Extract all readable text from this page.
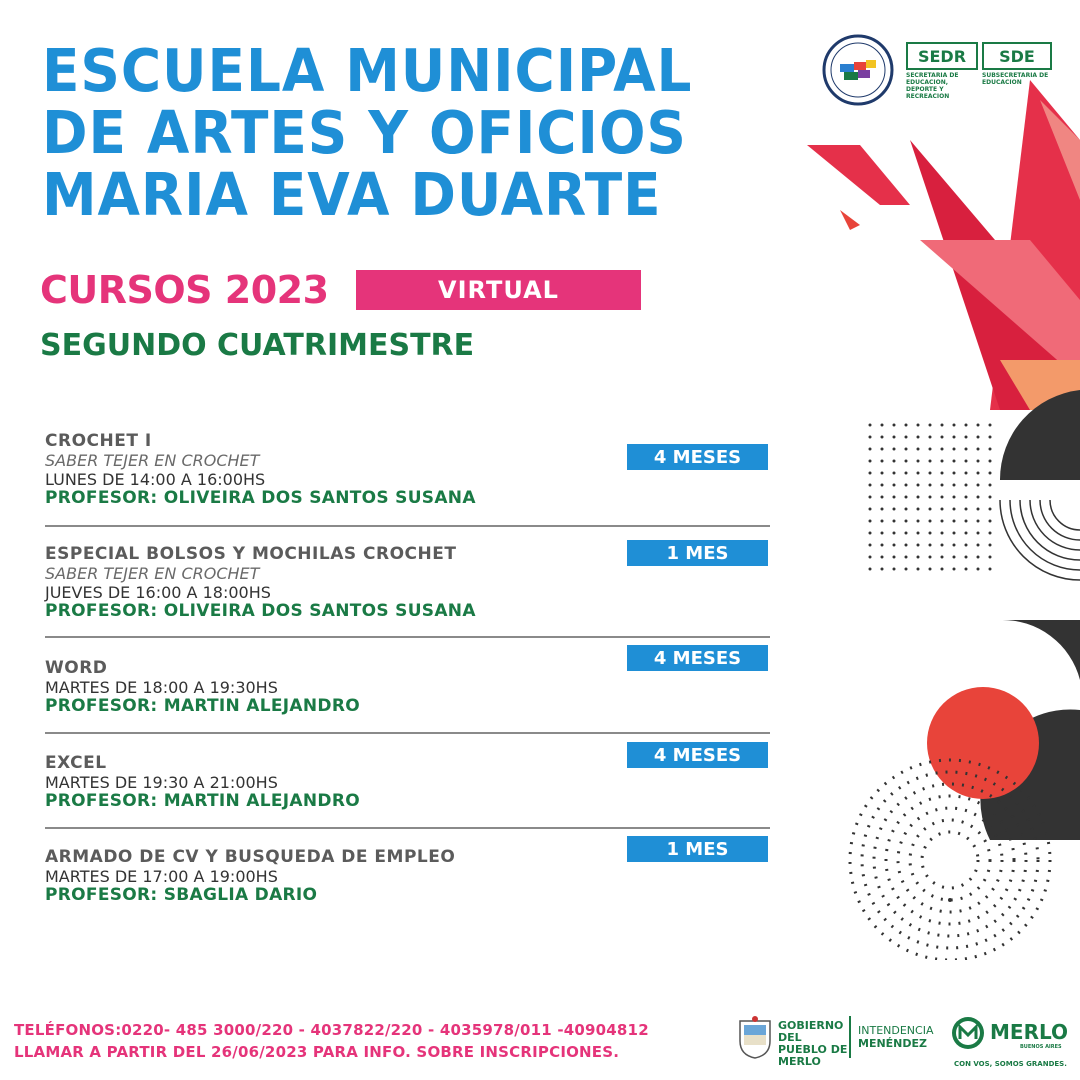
ESCUELA MUNICIPAL
DE ARTES Y OFICIOS
MARIA EVA DUARTE
CURSOS 2023	VIRTUAL
SEGUNDO CUATRIMESTRE
CROCHET I
SABER TEJER EN CROCHET
LUNES DE 14:00 A 16:00HS
PROFESOR: OLIVEIRA DOS SANTOS SUSANA
4 MESES
ESPECIAL BOLSOS Y MOCHILAS CROCHET
SABER TEJER EN CROCHET
JUEVES DE 16:00 A 18:00HS
PROFESOR: OLIVEIRA DOS SANTOS SUSANA
1 MES
WORD
MARTES DE 18:00 A 19:30HS
PROFESOR: MARTIN ALEJANDRO
4 MESES
EXCEL
MARTES DE 19:30 A 21:00HS
PROFESOR: MARTIN ALEJANDRO
4 MESES
ARMADO DE CV Y BUSQUEDA DE EMPLEO
MARTES DE 17:00 A 19:00HS
PROFESOR: SBAGLIA DARIO
1 MES
TELÉFONOS:0220- 485 3000/220 - 4037822/220 - 4035978/011 -40904812
LLAMAR A PARTIR DEL 26/06/2023 PARA INFO. SOBRE INSCRIPCIONES.
SEDR
SECRETARIA DE EDUCACION, DEPORTE Y RECREACION
SDE
SUBSECRETARIA DE EDUCACION
GOBIERNO DEL PUEBLO DE MERLO
INTENDENCIA
MENÉNDEZ	MERLO
BUENOS AIRES
CON VOS, SOMOS GRANDES.
